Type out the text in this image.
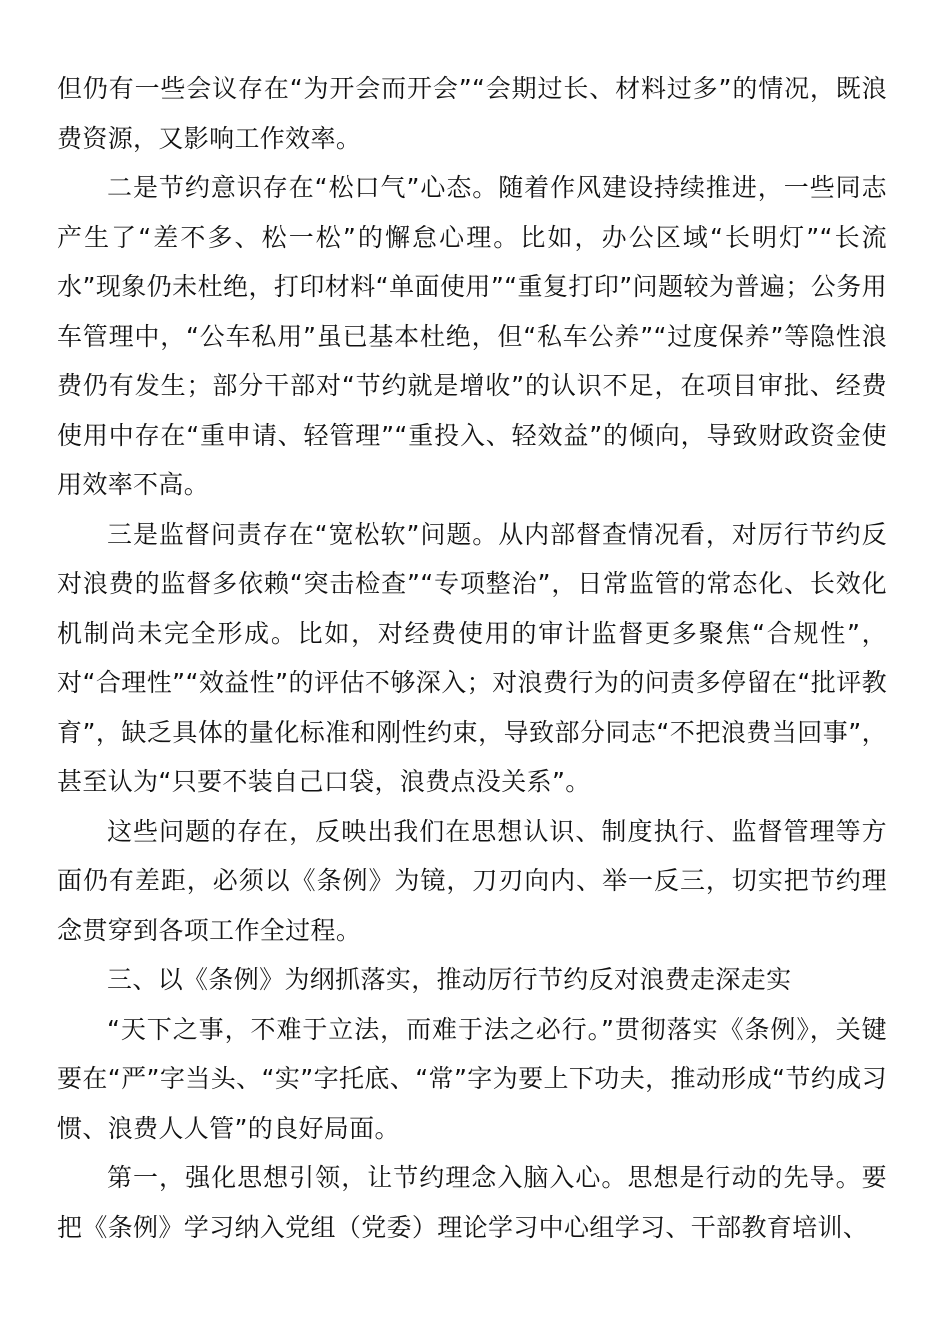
但仍有一些会议存在“为开会而开会”“会期过长、材料过多”的情况，既浪费资源，又影响工作效率。

二是节约意识存在“松口气”心态。随着作风建设持续推进，一些同志产生了“差不多、松一松”的懈怠心理。比如，办公区域“长明灯”“长流水”现象仍未杜绝，打印材料“单面使用”“重复打印”问题较为普遍；公务用车管理中，“公车私用”虽已基本杜绝，但“私车公养”“过度保养”等隐性浪费仍有发生；部分干部对“节约就是增收”的认识不足，在项目审批、经费使用中存在“重申请、轻管理”“重投入、轻效益”的倾向，导致财政资金使用效率不高。

三是监督问责存在“宽松软”问题。从内部督查情况看，对厉行节约反对浪费的监督多依赖“突击检查”“专项整治”，日常监管的常态化、长效化机制尚未完全形成。比如，对经费使用的审计监督更多聚焦“合规性”，对“合理性”“效益性”的评估不够深入；对浪费行为的问责多停留在“批评教育”，缺乏具体的量化标准和刚性约束，导致部分同志“不把浪费当回事”，甚至认为“只要不装自己口袋，浪费点没关系”。

这些问题的存在，反映出我们在思想认识、制度执行、监督管理等方面仍有差距，必须以《条例》为镜，刀刃向内、举一反三，切实把节约理念贯穿到各项工作全过程。

三、以《条例》为纲抓落实，推动厉行节约反对浪费走深走实

“天下之事，不难于立法，而难于法之必行。”贯彻落实《条例》，关键要在“严”字当头、“实”字托底、“常”字为要上下功夫，推动形成“节约成习惯、浪费人人管”的良好局面。

第一，强化思想引领，让节约理念入脑入心。思想是行动的先导。要把《条例》学习纳入党组（党委）理论学习中心组学习、干部教育培训、
